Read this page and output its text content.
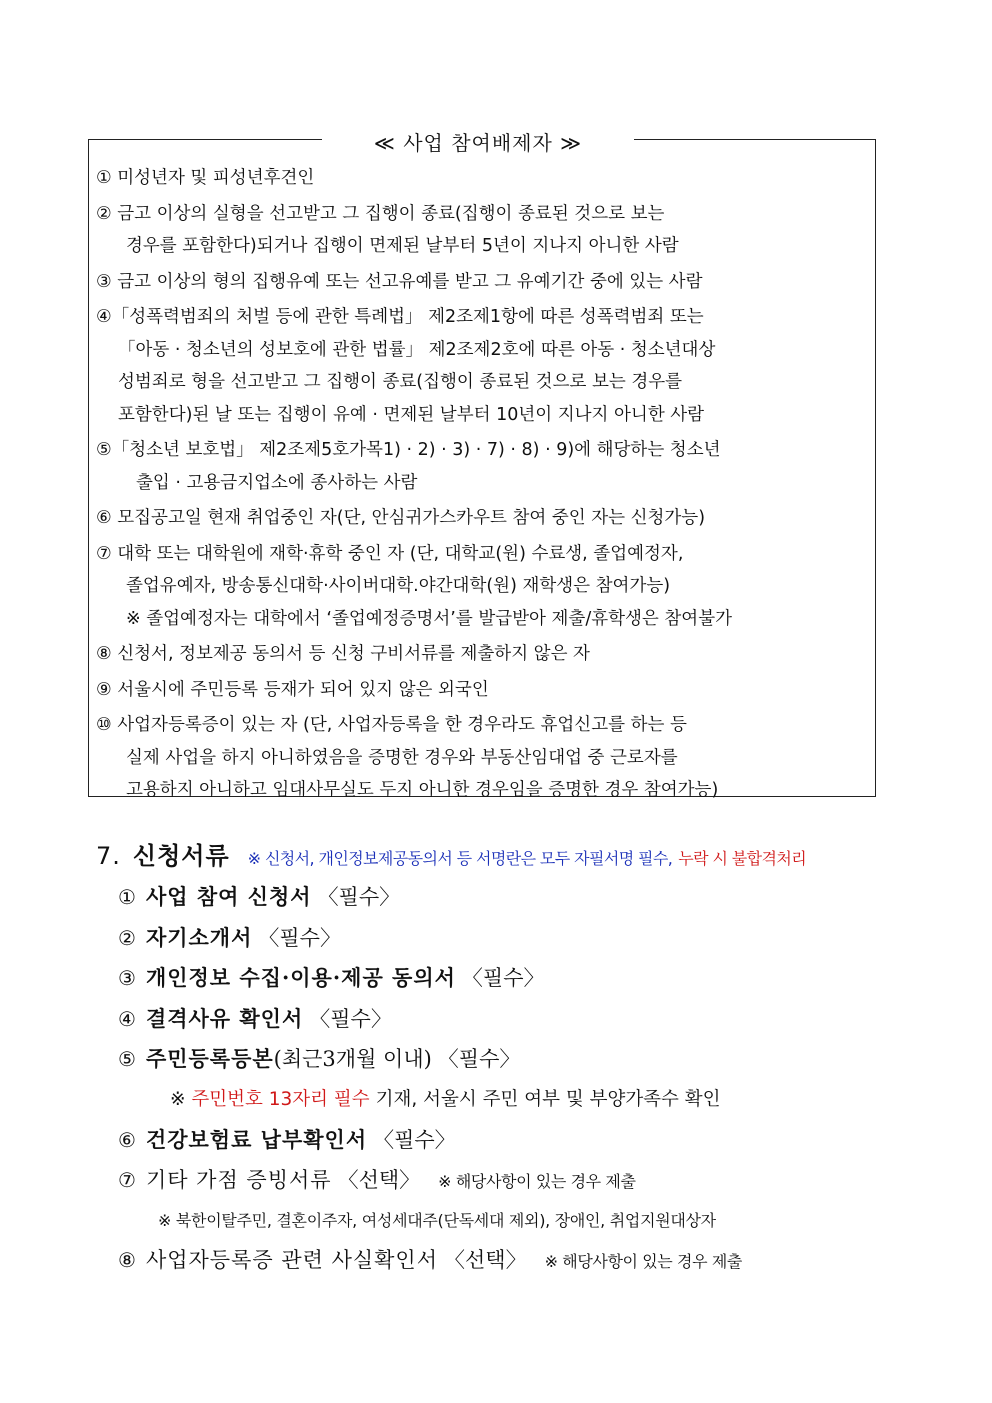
≪ 사업 참여배제자 ≫
① 미성년자 및 피성년후견인
② 금고 이상의 실형을 선고받고 그 집행이 종료(집행이 종료된 것으로 보는
경우를 포함한다)되거나 집행이 면제된 날부터 5년이 지나지 아니한 사람
③ 금고 이상의 형의 집행유예 또는 선고유예를 받고 그 유예기간 중에 있는 사람
④「성폭력범죄의 처벌 등에 관한 특례법」 제2조제1항에 따른 성폭력범죄 또는
「아동 · 청소년의 성보호에 관한 법률」 제2조제2호에 따른 아동 · 청소년대상
성범죄로 형을 선고받고 그 집행이 종료(집행이 종료된 것으로 보는 경우를
포함한다)된 날 또는 집행이 유예 · 면제된 날부터 10년이 지나지 아니한 사람
⑤「청소년 보호법」 제2조제5호가목1) · 2) · 3) · 7) · 8) · 9)에 해당하는 청소년
출입 · 고용금지업소에 종사하는 사람
⑥ 모집공고일 현재 취업중인 자(단, 안심귀가스카우트 참여 중인 자는 신청가능)
⑦ 대학 또는 대학원에 재학·휴학 중인 자 (단, 대학교(원) 수료생, 졸업예정자,
졸업유예자, 방송통신대학·사이버대학.야간대학(원) 재학생은 참여가능)
※ 졸업예정자는 대학에서 ‘졸업예정증명서’를 발급받아 제출/휴학생은 참여불가
⑧ 신청서, 정보제공 동의서 등 신청 구비서류를 제출하지 않은 자
⑨ 서울시에 주민등록 등재가 되어 있지 않은 외국인
⑩ 사업자등록증이 있는 자 (단, 사업자등록을 한 경우라도 휴업신고를 하는 등
실제 사업을 하지 아니하였음을 증명한 경우와 부동산임대업 중 근로자를
고용하지 아니하고 임대사무실도 두지 아니한 경우임을 증명한 경우 참여가능)
7. 신청서류 ※ 신청서, 개인정보제공동의서 등 서명란은 모두 자필서명 필수, 누락 시 불합격처리
① 사업 참여 신청서 〈필수〉
② 자기소개서 〈필수〉
③ 개인정보 수집·이용·제공 동의서 〈필수〉
④ 결격사유 확인서 〈필수〉
⑤ 주민등록등본(최근3개월 이내) 〈필수〉
※ 주민번호 13자리 필수 기재, 서울시 주민 여부 및 부양가족수 확인
⑥ 건강보험료 납부확인서 〈필수〉
⑦ 기타 가점 증빙서류 〈선택〉 ※ 해당사항이 있는 경우 제출
※ 북한이탈주민, 결혼이주자, 여성세대주(단독세대 제외), 장애인, 취업지원대상자
⑧ 사업자등록증 관련 사실확인서 〈선택〉 ※ 해당사항이 있는 경우 제출
